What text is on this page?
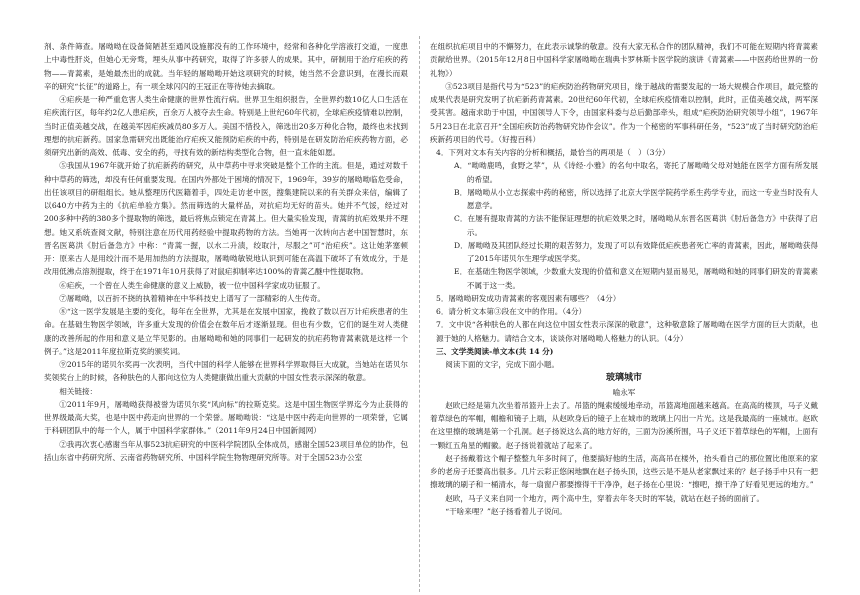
剂、条件筛查。屠呦呦在设备简陋甚至通风设施都没有的工作环境中，经常和各种化学溶液打交道，一度患上中毒性肝炎，但她心无旁骛，埋头从事中药研究，取得了许多骄人的成果。其中，研制用于治疗疟疾的药物——青蒿素，是她最杰出的成就。当年轻的屠呦呦开始这项研究的时候，她当然不会意识到，在漫长而艰辛的研究“长征”的道路上，有一项全球闪闪的王冠正在等待她去摘取。

④疟疾是一种严重危害人类生命健康的世界性流行病。世界卫生组织报告，全世界约数10亿人口生活在疟疾流行区，每年约2亿人患疟疾，百余万人被夺去生命。特别是上世纪60年代初，全球疟疾疫情难以控制，当时正值美越交战，在越美军因疟疾减员80多万人。美国不惜投入，筛选出20多万种化合物，最终也未找到理想的抗疟新药。国家急需研究出既能治疗疟疾又能预防疟疾的中药，特别是在研发防治疟疾药物方面，必须研究出新的高效、低毒、安全的药，寻找有效的新结构类型化合物，但一直未能如愿。

⑤我国从1967年就开始了抗疟新药的研究，从中草药中寻求突破是整个工作的主流。但是，通过对数千种中草药的筛选，却没有任何重要发现。在国内外都处于困境的情况下，1969年，39岁的屠呦呦临危受命，出任该项目的研组组长。她从整理历代医籍着手，四处走访老中医，搜集建院以来的有关群众来信，编辑了以640方中药为主的《抗疟单验方集》。然而筛选的大量样品，对抗疟均无好的苗头。她并不气馁，经过对200多种中药的380多个提取物的筛选，最后将焦点锁定在青蒿上。但大量实验发现，青蒿的抗疟效果并不理想。她又系统查阅文献，特别注意在历代用药经验中提取药物的方法。当她再一次转向古老中国智慧时，东晋名医葛洪《肘后备急方》中称：“青蒿一握，以水二升渍，绞取汁，尽服之”可“治疟疾”。这让她茅塞顿开：原来古人是用绞汁而不是用加热的方法提取，屠呦呦敏锐地认识到可能在高温下破坏了有效成分，于是改用低沸点溶剂提取，终于在1971年10月获得了对鼠疟抑制率达100%的青蒿乙醚中性提取物。

⑥疟疾，一个曾在人类生命健康的意义上威胁，被一位中国科学家成功征服了。

⑦屠呦呦，以百折不挠的执着精神在中华科技史上谱写了一部精彩的人生传奇。

⑧“这一医学发展是主要的变化，每年在全世界，尤其是在发展中国家，挽救了数以百万计疟疾患者的生命。在基础生物医学领域，许多重大发现的价值会在数年后才逐渐显现。但也有少数，它们的诞生对人类健康的改善所起的作用和意义是立竿见影的。由屠呦呦和她的同事们一起研发的抗疟药物青蒿素就是这样一个例子。”这是2011年度拉斯克奖的颁奖词。

⑨2015年的诺贝尔奖再一次表明，当代中国的科学人能够在世界科学界取得巨大成就，当她站在诺贝尔奖领奖台上的时候，各种肤色的人都向这位为人类健康做出重大贡献的中国女性表示深深的敬意。

相关链接：

①2011年9月，屠呦呦获得被誉为诺贝尔奖“风向标”的拉斯克奖。这是中国生物医学界迄今为止获得的世界级最高大奖，也是中医中药走向世界的一个荣誉。屠呦呦说：“这是中医中药走向世界的一项荣誉，它属于科研团队中的每一个人，属于中国科学家群体。”（2011年9月24日中国新闻网）

②我再次衷心感谢当年从事523抗疟研究的中医科学院团队全体成员，感谢全国523项目单位的协作，包括山东省中药研究所、云南省药物研究所、中国科学院生物物理研究所等。对于全国523办公室

在组织抗疟项目中的不懈努力，在此表示诚挚的敬意。没有大家无私合作的团队精神，我们不可能在短期内将青蒿素贡献给世界。（2015年12月8日中国科学家屠呦呦在瑞典卡罗林斯卡医学院的演讲《青蒿素——中医药给世界的一份礼物》）

③523项目是指代号为“523”的疟疾防治药物研究项目，缘于越战的需要发起的一场大规模合作项目，最完整的成果代表是研究发明了抗疟新药青蒿素。20世纪60年代初，全球疟疾疫情难以控制，此时，正值美越交战，两军深受其害。越南求助于中国，中国领导人下令，由国家科委与总后勤部牵头，组成“疟疾防治研究领导小组”，1967年5月23日在北京召开“全国疟疾防治药物研究协作会议”。作为一个秘密的军事科研任务，“523”成了当时研究防治疟疾新药项目的代号。（好搜百科）

4．下列对文本有关内容的分析和概括，最恰当的两项是（　）（3分）

A．“呦呦鹿鸣，食野之苹”，从《诗经·小雅》的名句中取名，寄托了屠呦呦父母对她能在医学方面有所发展的希望。

B．屠呦呦从小立志探索中药的秘密，所以选择了北京大学医学院药学系生药学专业，而这一专业当时没有人愿意学。

C．在屡有提取青蒿的方法不能保证理想的抗疟效果之时，屠呦呦从东晋名医葛洪《肘后备急方》中获得了启示。

D．屠呦呦及其团队经过长期的艰苦努力，发现了可以有效降低疟疾患者死亡率的青蒿素，因此，屠呦呦获得了2015年诺贝尔生理学或医学奖。

E．在基础生物医学领域，少数重大发现的价值和意义在短期内显而易见，屠呦呦和她的同事们研发的青蒿素不属于这一类。

5．屠呦呦研发成功青蒿素的客观因素有哪些？（4分）

6．请分析文本第③段在文中的作用。（4分）

7．文中说“各种肤色的人都在向这位中国女性表示深深的敬意”，这种敬意除了屠呦呦在医学方面的巨大贡献，也源于她的人格魅力。请结合文本，谈谈你对屠呦呦人格魅力的认识。（4分）

三、文学类阅读-单文本(共 14 分)

阅读下面的文字，完成下面小题。

玻璃城市

喻永军

赵欧已经是第九次坐着吊篮升上去了。吊篮的绳索缓缓地牵动，吊篮离地面越来越高。在高高的楼顶，马子义戴着草绿色的军帽，帽檐和镜子上端，从赵欧身后的镜子上在城市的玻璃上闪出一片光。这是我最高的一座城市。赵欧在这里擦的玻璃是第一个孔洞。赵子扬说这么高的地方好的，三面为汾溪所围，马子义还下着草绿色的军帽，上面有一颗红五角星的帽徽。赵子扬说着就站了起来了。

赵子扬戴着这个帽子整整九年多时间了，他要搞好他的生活，高高吊在楼外，抬头看自己的那位置比他原来的家乡的老房子还要高出很多。几片云彩正悠闲地飘在赵子扬头顶，这些云是不是从老家飘过来的？赵子扬手中只有一把擦玻璃的刷子和一桶清水，每一扇窗户都要擦得干干净净，赵子扬在心里说：“擦吧，擦干净了好看见更远的地方。”

赵欧，马子义来自同一个地方，两个高中生，穿着去年冬天时的军装，就站在赵子扬的面前了。

“干啥来哩？”赵子扬看着儿子说问。
